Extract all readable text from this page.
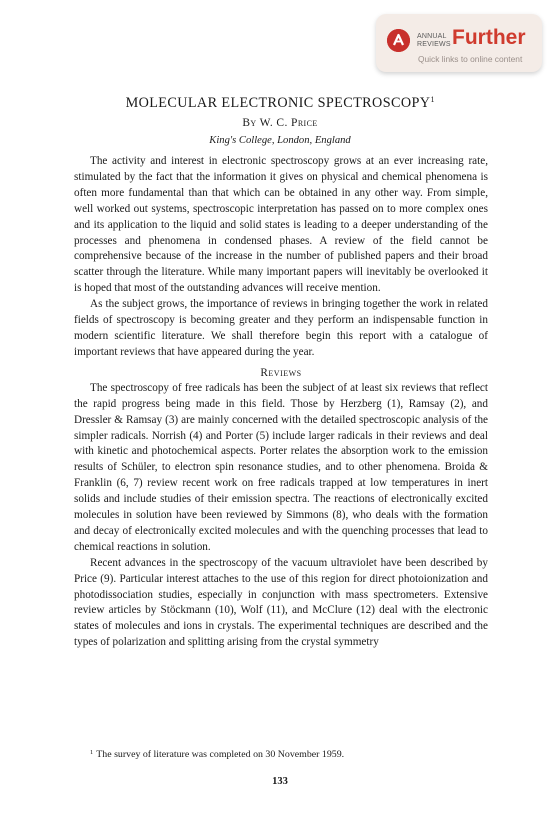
ANNUAL
REVIEWS Further
Quick links to online content
MOLECULAR ELECTRONIC SPECTROSCOPY$^1$
By W. C. Price
King's College, London, England

The activity and interest in electronic spectroscopy grows at an ever increasing rate, stimulated by the fact that the information it gives on physical and chemical phenomena is often more fundamental than that which can be obtained in any other way. From simple, well worked out systems, spectroscopic interpretation has passed on to more complex ones and its application to the liquid and solid states is leading to a deeper understanding of the processes and phenomena in condensed phases. A review of the field cannot be comprehensive because of the increase in the number of published papers and their broad scatter through the literature. While many important papers will inevitably be overlooked it is hoped that most of the outstanding advances will receive mention.

As the subject grows, the importance of reviews in bringing together the work in related fields of spectroscopy is becoming greater and they perform an indispensable function in modern scientific literature. We shall therefore begin this report with a catalogue of important reviews that have appeared during the year.

Reviews

The spectroscopy of free radicals has been the subject of at least six reviews that reflect the rapid progress being made in this field. Those by Herzberg (1), Ramsay (2), and Dressler & Ramsay (3) are mainly concerned with the detailed spectroscopic analysis of the simpler radicals. Norrish (4) and Porter (5) include larger radicals in their reviews and deal with kinetic and photochemical aspects. Porter relates the absorption work to the emission results of Schüler, to electron spin resonance studies, and to other phenomena. Broida & Franklin (6, 7) review recent work on free radicals trapped at low temperatures in inert solids and include studies of their emission spectra. The reactions of electronically excited molecules in solution have been reviewed by Simmons (8), who deals with the formation and decay of electronically excited molecules and with the quenching processes that lead to chemical reactions in solution.

Recent advances in the spectroscopy of the vacuum ultraviolet have been described by Price (9). Particular interest attaches to the use of this region for direct photoionization and photodissociation studies, especially in conjunction with mass spectrometers. Extensive review articles by Stöckmann (10), Wolf (11), and McClure (12) deal with the electronic states of molecules and ions in crystals. The experimental techniques are described and the types of polarization and splitting arising from the crystal symmetry

$^1$ The survey of literature was completed on 30 November 1959.
133
